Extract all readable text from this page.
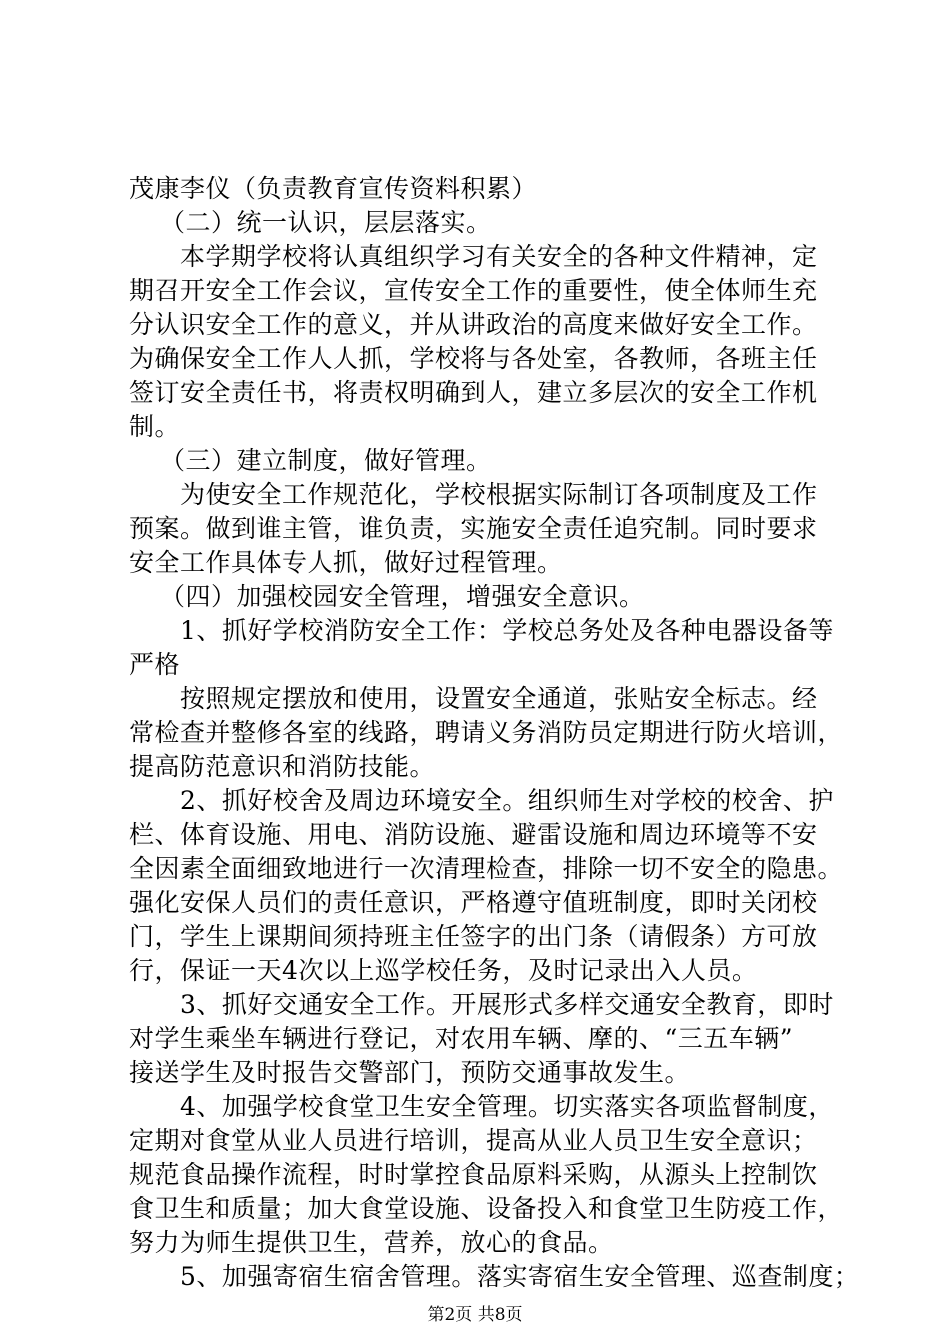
茂康李仪（负责教育宣传资料积累）
（二）统一认识，层层落实。
本学期学校将认真组织学习有关安全的各种文件精神，定
期召开安全工作会议，宣传安全工作的重要性，使全体师生充
分认识安全工作的意义，并从讲政治的高度来做好安全工作。
为确保安全工作人人抓，学校将与各处室，各教师，各班主任
签订安全责任书，将责权明确到人，建立多层次的安全工作机
制。
（三）建立制度，做好管理。
为使安全工作规范化，学校根据实际制订各项制度及工作
预案。做到谁主管，谁负责，实施安全责任追究制。同时要求
安全工作具体专人抓，做好过程管理。
（四）加强校园安全管理，增强安全意识。
1、抓好学校消防安全工作：学校总务处及各种电器设备等
严格
按照规定摆放和使用，设置安全通道，张贴安全标志。经
常检查并整修各室的线路，聘请义务消防员定期进行防火培训，
提高防范意识和消防技能。
2、抓好校舍及周边环境安全。组织师生对学校的校舍、护
栏、体育设施、用电、消防设施、避雷设施和周边环境等不安
全因素全面细致地进行一次清理检查，排除一切不安全的隐患。
强化安保人员们的责任意识，严格遵守值班制度，即时关闭校
门，学生上课期间须持班主任签字的出门条（请假条）方可放
行，保证一天4次以上巡学校任务，及时记录出入人员。
3、抓好交通安全工作。开展形式多样交通安全教育，即时
对学生乘坐车辆进行登记，对农用车辆、摩的、“三五车辆”
接送学生及时报告交警部门，预防交通事故发生。
4、加强学校食堂卫生安全管理。切实落实各项监督制度，
定期对食堂从业人员进行培训，提高从业人员卫生安全意识；
规范食品操作流程，时时掌控食品原料采购，从源头上控制饮
食卫生和质量；加大食堂设施、设备投入和食堂卫生防疫工作，
努力为师生提供卫生，营养，放心的食品。
5、加强寄宿生宿舍管理。落实寄宿生安全管理、巡查制度；
第2页 共8页
